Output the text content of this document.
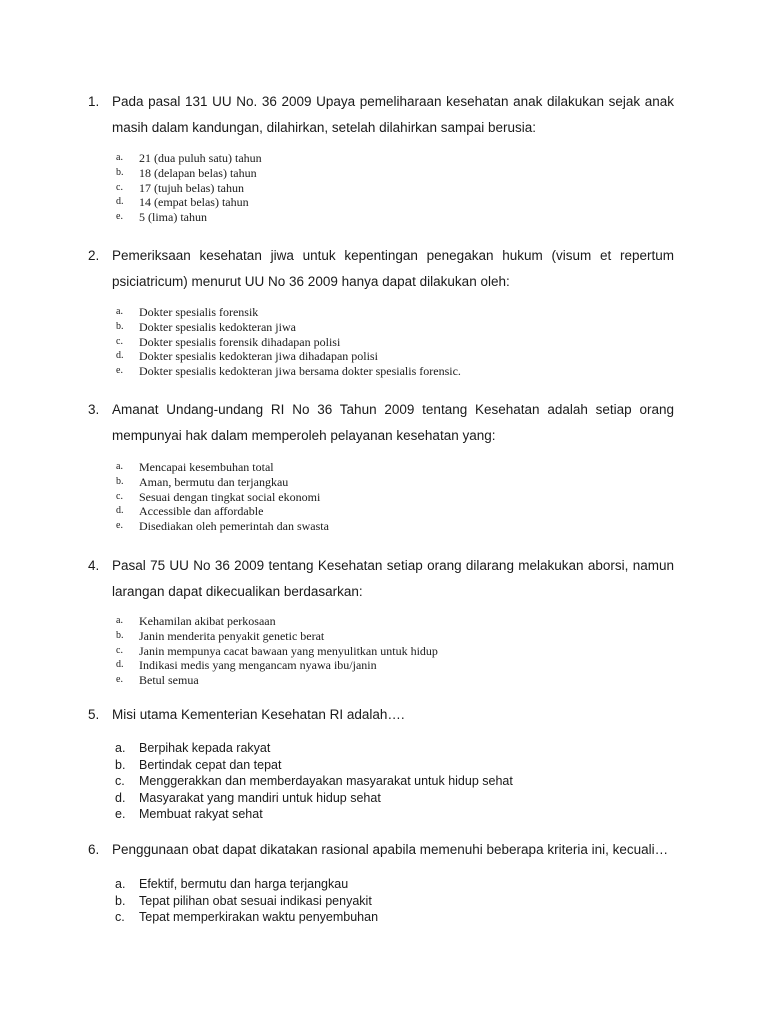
1. Pada pasal 131 UU No. 36 2009 Upaya pemeliharaan kesehatan anak dilakukan sejak anak masih dalam kandungan, dilahirkan, setelah dilahirkan sampai berusia:
a. 21 (dua puluh satu) tahun
b. 18 (delapan belas) tahun
c. 17 (tujuh belas) tahun
d. 14 (empat belas) tahun
e. 5 (lima) tahun
2. Pemeriksaan kesehatan jiwa untuk kepentingan penegakan hukum (visum et repertum psiciatricum) menurut UU No 36 2009 hanya dapat dilakukan oleh:
a. Dokter spesialis forensik
b. Dokter spesialis kedokteran jiwa
c. Dokter spesialis forensik dihadapan polisi
d. Dokter spesialis kedokteran jiwa dihadapan polisi
e. Dokter spesialis kedokteran jiwa bersama dokter spesialis forensic.
3. Amanat Undang-undang RI No 36 Tahun 2009 tentang Kesehatan adalah setiap orang mempunyai hak dalam memperoleh pelayanan kesehatan yang:
a. Mencapai kesembuhan total
b. Aman, bermutu dan terjangkau
c. Sesuai dengan tingkat social ekonomi
d. Accessible dan affordable
e. Disediakan oleh pemerintah dan swasta
4. Pasal 75 UU No 36 2009 tentang Kesehatan setiap orang dilarang melakukan aborsi, namun larangan dapat dikecualikan berdasarkan:
a. Kehamilan akibat perkosaan
b. Janin menderita penyakit genetic berat
c. Janin mempunya cacat bawaan yang menyulitkan untuk hidup
d. Indikasi medis yang mengancam nyawa ibu/janin
e. Betul semua
5. Misi utama Kementerian Kesehatan RI adalah….
a. Berpihak kepada rakyat
b. Bertindak cepat dan tepat
c. Menggerakkan dan memberdayakan masyarakat untuk hidup sehat
d. Masyarakat yang mandiri untuk hidup sehat
e. Membuat rakyat sehat
6. Penggunaan obat dapat dikatakan rasional apabila memenuhi beberapa kriteria ini, kecuali…
a. Efektif, bermutu dan harga terjangkau
b. Tepat pilihan obat sesuai indikasi penyakit
c. Tepat memperkirakan waktu penyembuhan
